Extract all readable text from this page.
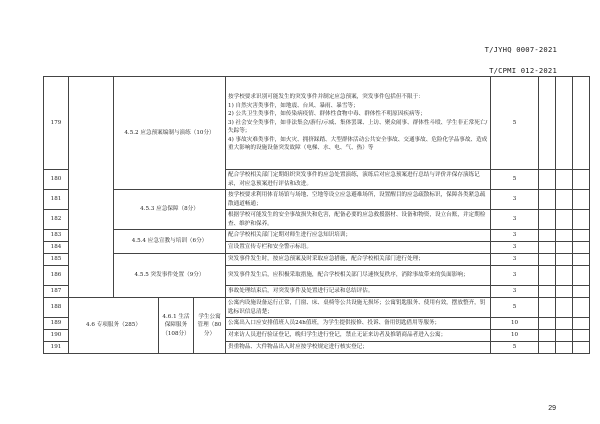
T/JYHQ 0007-2021
T/CPMI 012-2021
179		4.5.2 应急预案编制与演练（10分）			按学校要求识别可能发生的突发事件并制定应急预案，突发事件包括但不限于：
1) 自然灾害类事件，如地震、台风、暴雨、暴雪等；
2) 公共卫生类事件，如传染病疫情、群体性食物中毒、群体性不明原因疾病等；
3) 社会安全类事件，如非法集会/游行/示威、集体罢课、上访、聚众闹事、群体性斗殴、学生非正常死亡/失踪等；
4) 事故灾难类事件，如火灾、拥挤踩踏、大型群体活动公共安全事故、交通事故、危险化学品事故、造成重大影响的设施设备突发故障（电梯、水、电、气、热）等	5			
180					配合学校相关部门定期组织突发事件的应急处置演练，演练后对应急预案进行总结与评价并保存演练记录，对应急预案进行评估和改进。	5			
181		4.5.3 应急保障（8分）			按学校要求利用体育场馆与场地、空地等设立应急避难场所，设置醒目的应急疏散标识，保障各类紧急疏散通道畅通；	3			
182					根据学校可能发生的安全事故损失和危害，配备必要的应急救援器材、设备和物资，设立台账，并定期检查、维护和保养。	3			
183		4.5.4 应急宣教与培训（6分）			配合学校相关部门定期对师生进行应急知识培训；	3			
184					宣设置宣传专栏和安全警示标语。	3			
185		4.5.5 突发事件处置（9分）			突发事件发生时，按应急预案及时采取应急措施，配合学校相关部门进行处理；	3			
186					突发事件发生后，应积极采取措施，配合学校相关部门尽速恢复秩序，消除事故带来的负面影响；	3			
187					事故处理结束后，对突发事件及处置进行记录和总结评估。	3			
188	4.6 专项服务（285）		4.6.1 生活保障服务（108分）	学生公寓管理（80分）	公寓内设施设备运行正常，门窗、床、桌椅等公共设施无损坏；公寓钥匙服务、使用有效，摆放整齐，钥匙标识信息清楚；	5			
189					公寓出入口应安排值班人员24h值班，为学生提供报修、投诉、备用钥匙借用等服务；	10			
190					对来访人员进行验证登记，晚归学生进行登记，禁止无证来访者及推销商品者进入公寓；	10			
191					贵重物品、大件物品出入时应按学校规定进行核实登记；	5			
29
